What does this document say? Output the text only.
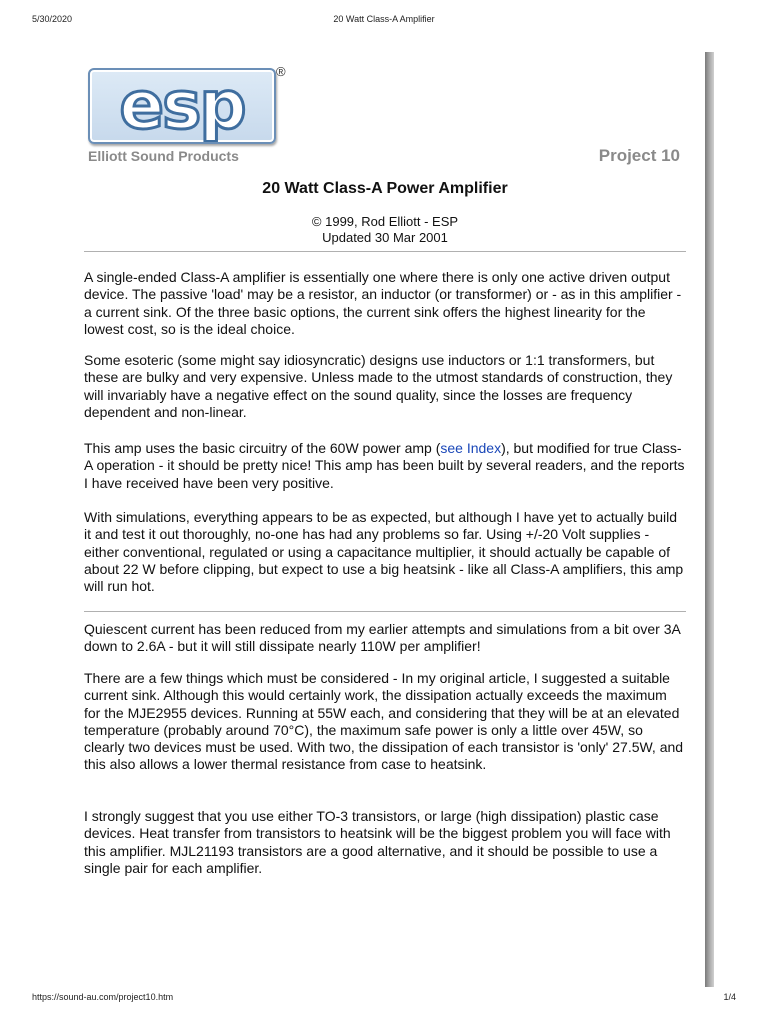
5/30/2020	20 Watt Class-A Amplifier
esp ®
Elliott Sound Products	Project 10
20 Watt Class-A Power Amplifier
© 1999, Rod Elliott - ESP
Updated 30 Mar 2001

A single-ended Class-A amplifier is essentially one where there is only one active driven output device. The passive 'load' may be a resistor, an inductor (or transformer) or - as in this amplifier - a current sink. Of the three basic options, the current sink offers the highest linearity for the lowest cost, so is the ideal choice.

Some esoteric (some might say idiosyncratic) designs use inductors or 1:1 transformers, but these are bulky and very expensive. Unless made to the utmost standards of construction, they will invariably have a negative effect on the sound quality, since the losses are frequency dependent and non-linear.

This amp uses the basic circuitry of the 60W power amp (see Index), but modified for true Class-A operation - it should be pretty nice! This amp has been built by several readers, and the reports I have received have been very positive.

With simulations, everything appears to be as expected, but although I have yet to actually build it and test it out thoroughly, no-one has had any problems so far. Using +/-20 Volt supplies - either conventional, regulated or using a capacitance multiplier, it should actually be capable of about 22 W before clipping, but expect to use a big heatsink - like all Class-A amplifiers, this amp will run hot.

Quiescent current has been reduced from my earlier attempts and simulations from a bit over 3A down to 2.6A - but it will still dissipate nearly 110W per amplifier!

There are a few things which must be considered - In my original article, I suggested a suitable current sink. Although this would certainly work, the dissipation actually exceeds the maximum for the MJE2955 devices. Running at 55W each, and considering that they will be at an elevated temperature (probably around 70°C), the maximum safe power is only a little over 45W, so clearly two devices must be used. With two, the dissipation of each transistor is 'only' 27.5W, and this also allows a lower thermal resistance from case to heatsink.

I strongly suggest that you use either TO-3 transistors, or large (high dissipation) plastic case devices. Heat transfer from transistors to heatsink will be the biggest problem you will face with this amplifier. MJL21193 transistors are a good alternative, and it should be possible to use a single pair for each amplifier.

https://sound-au.com/project10.htm	1/4
